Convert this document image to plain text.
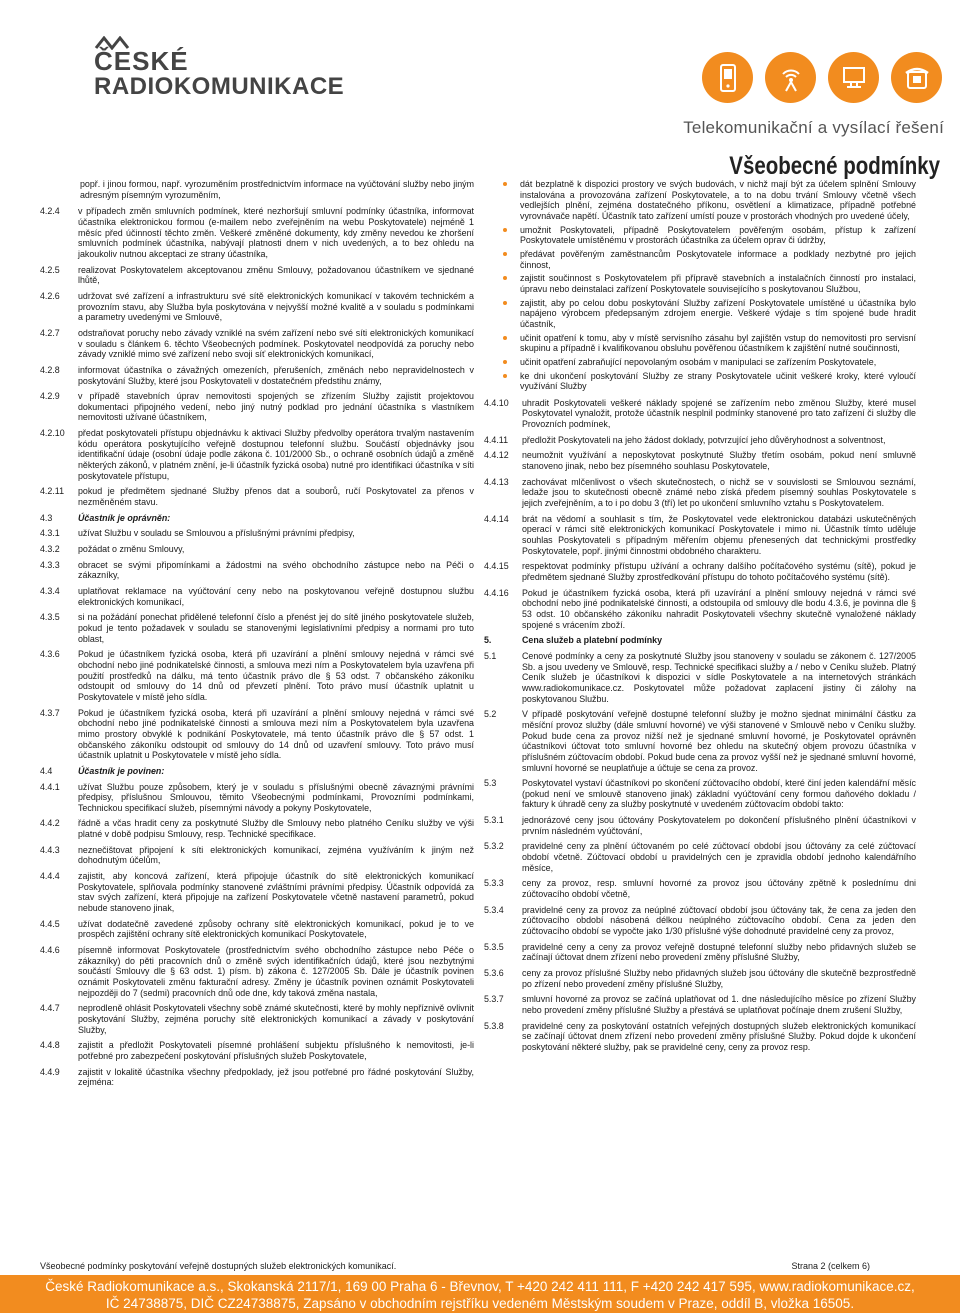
ČESKÉ
RADIOKOMUNIKACE
Telekomunikační a vysílací řešení
Všeobecné podmínky
popř. i jinou formou, např. vyrozuměním prostřednictvím informace na vyúčtování služby nebo jiným adresným písemným vyrozuměním,
4.2.4	v případech změn smluvních podmínek, které nezhoršují smluvní podmínky účastníka, informovat účastníka elektronickou formou (e-mailem nebo zveřejněním na webu Poskytovatele) nejméně 1 měsíc před účinností těchto změn. Veškeré změněné dokumenty, kdy změny nevedou ke zhoršení smluvních podmínek účastníka, nabývají platnosti dnem v nich uvedených, a to bez ohledu na jakoukoliv nutnou akceptaci ze strany účastníka,
4.2.5	realizovat Poskytovatelem akceptovanou změnu Smlouvy, požadovanou účastníkem ve sjednané lhůtě,
4.2.6	udržovat své zařízení a infrastrukturu své sítě elektronických komunikací v takovém technickém a provozním stavu, aby Služba byla poskytována v nejvyšší možné kvalitě a v souladu s podmínkami a parametry uvedenými ve Smlouvě,
4.2.7	odstraňovat poruchy nebo závady vzniklé na svém zařízení nebo své síti elektronických komunikací v souladu s článkem 6. těchto Všeobecných podmínek. Poskytovatel neodpovídá za poruchy nebo závady vzniklé mimo své zařízení nebo svoji síť elektronických komunikací,
4.2.8	informovat účastníka o závažných omezeních, přerušeních, změnách nebo nepravidelnostech v poskytování Služby, které jsou Poskytovateli v dostatečném předstihu známy,
4.2.9	v případě stavebních úprav nemovitosti spojených se zřízením Služby zajistit projektovou dokumentaci připojného vedení, nebo jiný nutný podklad pro jednání účastníka s vlastníkem nemovitosti užívané účastníkem,
4.2.10	předat poskytovateli přístupu objednávku k aktivaci Služby předvolby operátora trvalým nastavením kódu operátora poskytujícího veřejně dostupnou telefonní službu. Součástí objednávky jsou identifikační údaje (osobní údaje podle zákona č. 101/2000 Sb., o ochraně osobních údajů a změně některých zákonů, v platném znění, je-li účastník fyzická osoba) nutné pro identifikaci účastníka v síti poskytovatele přístupu,
4.2.11	pokud je předmětem sjednané Služby přenos dat a souborů, ručí Poskytovatel za přenos v nezměněném stavu.
4.3	Účastník je oprávněn:
4.3.1	užívat Službu v souladu se Smlouvou a příslušnými právními předpisy,
4.3.2	požádat o změnu Smlouvy,
4.3.3	obracet se svými připomínkami a žádostmi na svého obchodního zástupce nebo na Péči o zákazníky,
4.3.4	uplatňovat reklamace na vyúčtování ceny nebo na poskytovanou veřejně dostupnou službu elektronických komunikací,
4.3.5	si na požádání ponechat přidělené telefonní číslo a přenést jej do sítě jiného poskytovatele služeb, pokud je tento požadavek v souladu se stanovenými legislativními předpisy a normami pro tuto oblast,
4.3.6	Pokud je účastníkem fyzická osoba, která při uzavírání a plnění smlouvy nejedná v rámci své obchodní nebo jiné podnikatelské činnosti, a smlouva mezi ním a Poskytovatelem byla uzavřena při použití prostředků na dálku, má tento účastník právo dle § 53 odst. 7 občanského zákoníku odstoupit od smlouvy do 14 dnů od převzetí plnění. Toto právo musí účastník uplatnit u Poskytovatele v místě jeho sídla.
4.3.7	Pokud je účastníkem fyzická osoba, která při uzavírání a plnění smlouvy nejedná v rámci své obchodní nebo jiné podnikatelské činnosti a smlouva mezi ním a Poskytovatelem byla uzavřena mimo prostory obvyklé k podnikání Poskytovatele, má tento účastník právo dle § 57 odst. 1 občanského zákoníku odstoupit od smlouvy do 14 dnů od uzavření smlouvy. Toto právo musí účastník uplatnit u Poskytovatele v místě jeho sídla.
4.4	Účastník je povinen:
4.4.1	užívat Službu pouze způsobem, který je v souladu s příslušnými obecně závaznými právními předpisy, příslušnou Smlouvou, těmito Všeobecnými podmínkami, Provozními podmínkami, Technickou specifikací služeb, písemnými návody a pokyny Poskytovatele,
4.4.2	řádně a včas hradit ceny za poskytnuté Služby dle Smlouvy nebo platného Ceníku služby ve výši platné v době podpisu Smlouvy, resp. Technické specifikace.
4.4.3	neznečištovat připojení k síti elektronických komunikací, zejména využíváním k jiným než dohodnutým účelům,
4.4.4	zajistit, aby koncová zařízení, která připojuje účastník do sítě elektronických komunikací Poskytovatele, splňovala podmínky stanovené zvláštními právními předpisy. Účastník odpovídá za stav svých zařízení, která připojuje na zařízení Poskytovatele včetně nastavení parametrů, pokud nebude stanoveno jinak,
4.4.5	užívat dodatečně zavedené způsoby ochrany sítě elektronických komunikací, pokud je to ve prospěch zajištění ochrany sítě elektronických komunikací Poskytovatele,
4.4.6	písemně informovat Poskytovatele (prostřednictvím svého obchodního zástupce nebo Péče o zákazníky) do pěti pracovních dnů o změně svých identifikačních údajů, které jsou nezbytnými součástí Smlouvy dle § 63 odst. 1) písm. b) zákona č. 127/2005 Sb. Dále je účastník povinen oznámit Poskytovateli změnu fakturační adresy. Změny je účastník povinen oznámit Poskytovateli nejpozději do 7 (sedmi) pracovních dnů ode dne, kdy taková změna nastala,
4.4.7	neprodleně ohlásit Poskytovateli všechny sobě známé skutečnosti, které by mohly nepříznivě ovlivnit poskytování Služby, zejména poruchy sítě elektronických komunikací a závady v poskytování Služby,
4.4.8	zajistit a předložit Poskytovateli písemné prohlášení subjektu příslušného k nemovitosti, je-li potřebné pro zabezpečení poskytování příslušných služeb Poskytovatele,
4.4.9	zajistit v lokalitě účastníka všechny předpoklady, jež jsou potřebné pro řádné poskytování Služby, zejména:
dát bezplatně k dispozici prostory ve svých budovách, v nichž mají být za účelem splnění Smlouvy instalována a provozována zařízení Poskytovatele, a to na dobu trvání Smlouvy včetně všech vedlejších plnění, zejména dostatečného příkonu, osvětlení a klimatizace, případně potřebné vyrovnávače napětí. Účastník tato zařízení umístí pouze v prostorách vhodných pro uvedené účely,
umožnit Poskytovateli, případně Poskytovatelem pověřeným osobám, přístup k zařízení Poskytovatele umístěnému v prostorách účastníka za účelem oprav či údržby,
předávat pověřeným zaměstnancům Poskytovatele informace a podklady nezbytné pro jejich činnost,
zajistit součinnost s Poskytovatelem při přípravě stavebních a instalačních činností pro instalaci, úpravu nebo deinstalaci zařízení Poskytovatele souvisejícího s poskytovanou Službou,
zajistit, aby po celou dobu poskytování Služby zařízení Poskytovatele umístěné u účastníka bylo napájeno výrobcem předepsaným zdrojem energie. Veškeré výdaje s tím spojené bude hradit účastník,
učinit opatření k tomu, aby v místě servisního zásahu byl zajištěn vstup do nemovitosti pro servisní skupinu a případně i kvalifikovanou obsluhu pověřenou účastníkem k zajištění nutné součinnosti,
učinit opatření zabraňující nepovolaným osobám v manipulaci se zařízením Poskytovatele,
ke dni ukončení poskytování Služby ze strany Poskytovatele učinit veškeré kroky, které vyloučí využívání Služby
4.4.10	uhradit Poskytovateli veškeré náklady spojené se zařízením nebo změnou Služby, které musel Poskytovatel vynaložit, protože účastník nesplnil podmínky stanovené pro tato zařízení či služby dle Provozních podmínek,
4.4.11	předložit Poskytovateli na jeho žádost doklady, potvrzující jeho důvěryhodnost a solventnost,
4.4.12	neumožnit využívání a neposkytovat poskytnuté Služby třetím osobám, pokud není smluvně stanoveno jinak, nebo bez písemného souhlasu Poskytovatele,
4.4.13	zachovávat mlčenlivost o všech skutečnostech, o nichž se v souvislosti se Smlouvou seznámí, ledaže jsou to skutečnosti obecně známé nebo získá předem písemný souhlas Poskytovatele s jejich zveřejněním, a to i po dobu 3 (tří) let po ukončení smluvního vztahu s Poskytovatelem.
4.4.14	brát na vědomí a souhlasit s tím, že Poskytovatel vede elektronickou databázi uskutečněných operací v rámci sítě elektronických komunikací Poskytovatele i mimo ni. Účastník tímto uděluje souhlas Poskytovateli s případným měřením objemu přenesených dat technickými prostředky Poskytovatele, popř. jinými činnostmi obdobného charakteru.
4.4.15	respektovat podmínky přístupu užívání a ochrany dalšího počítačového systému (sítě), pokud je předmětem sjednané Služby zprostředkování přístupu do tohoto počítačového systému (sítě).
4.4.16	Pokud je účastníkem fyzická osoba, která při uzavírání a plnění smlouvy nejedná v rámci své obchodní nebo jiné podnikatelské činnosti, a odstoupila od smlouvy dle bodu 4.3.6, je povinna dle § 53 odst. 10 občanského zákoníku nahradit Poskytovateli všechny skutečně vynaložené náklady spojené s vrácením zboží.
5.	Cena služeb a platební podmínky
5.1	Cenové podmínky a ceny za poskytnuté Služby jsou stanoveny v souladu se zákonem č. 127/2005 Sb. a jsou uvedeny ve Smlouvě, resp. Technické specifikaci služby a / nebo v Ceníku služeb. Platný Ceník služeb je účastníkovi k dispozici v sídle Poskytovatele a na internetových stránkách www.radiokomunikace.cz. Poskytovatel může požadovat zaplacení jistiny či zálohy na poskytovanou Službu.
5.2	V případě poskytování veřejně dostupné telefonní služby je možno sjednat minimální částku za měsíční provoz služby (dále smluvní hovorné) ve výši stanovené v Smlouvě nebo v Ceníku služby. Pokud bude cena za provoz nižší než je sjednané smluvní hovorné, je Poskytovatel oprávněn účastníkovi účtovat toto smluvní hovorné bez ohledu na skutečný objem provozu účastníka v příslušném zúčtovacím období. Pokud bude cena za provoz vyšší než je sjednané smluvní hovorné, smluvní hovorné se neuplatňuje a účtuje se cena za provoz.
5.3	Poskytovatel vystaví účastníkovi po skončení zúčtovacího období, které činí jeden kalendářní měsíc (pokud není ve smlouvě stanoveno jinak) základní vyúčtování ceny formou daňového dokladu / faktury k úhradě ceny za služby poskytnuté v uvedeném zúčtovacím období takto:
5.3.1	jednorázové ceny jsou účtovány Poskytovatelem po dokončení příslušného plnění účastníkovi v prvním následném vyúčtování,
5.3.2	pravidelné ceny za plnění účtovaném po celé zúčtovací období jsou účtovány za celé zúčtovací období včetně. Zúčtovací období u pravidelných cen je zpravidla období jednoho kalendářního měsíce,
5.3.3	ceny za provoz, resp. smluvní hovorné za provoz jsou účtovány zpětně k poslednímu dni zúčtovacího období včetně,
5.3.4	pravidelné ceny za provoz za neúplné zúčtovací období jsou účtovány tak, že cena za jeden den zúčtovacího období násobená délkou neúplného zúčtovacího období. Cena za jeden den zúčtovacího období se vypočte jako 1/30 příslušné výše dohodnuté pravidelné ceny za provoz,
5.3.5	pravidelné ceny a ceny za provoz veřejně dostupné telefonní služby nebo přidavných služeb se začínají účtovat dnem zřízení nebo provedení změny příslušné Služby,
5.3.6	ceny za provoz příslušné Služby nebo přidavných služeb jsou účtovány dle skutečně bezprostředně po zřízení nebo provedení změny příslušné Služby,
5.3.7	smluvní hovorné za provoz se začíná uplatňovat od 1. dne následujícího měsíce po zřízení Služby nebo provedení změny příslušné Služby a přestává se uplatňovat počínaje dnem zrušení Služby,
5.3.8	pravidelné ceny za poskytování ostatních veřejných dostupných služeb elektronických komunikací se začínají účtovat dnem zřízení nebo provedení změny příslušné Služby. Pokud dojde k ukončení poskytování některé služby, pak se pravidelné ceny, ceny za provoz resp.
Všeobecné podmínky poskytování veřejně dostupných služeb elektronických komunikací.	Strana 2 (celkem 6)
České Radiokomunikace a.s., Skokanská 2117/1, 169 00 Praha 6 - Břevnov, T +420 242 411 111, F +420 242 417 595, www.radiokomunikace.cz,
IČ 24738875, DIČ CZ24738875, Zapsáno v obchodním rejstříku vedeném Městským soudem v Praze, oddíl B, vložka 16505.
